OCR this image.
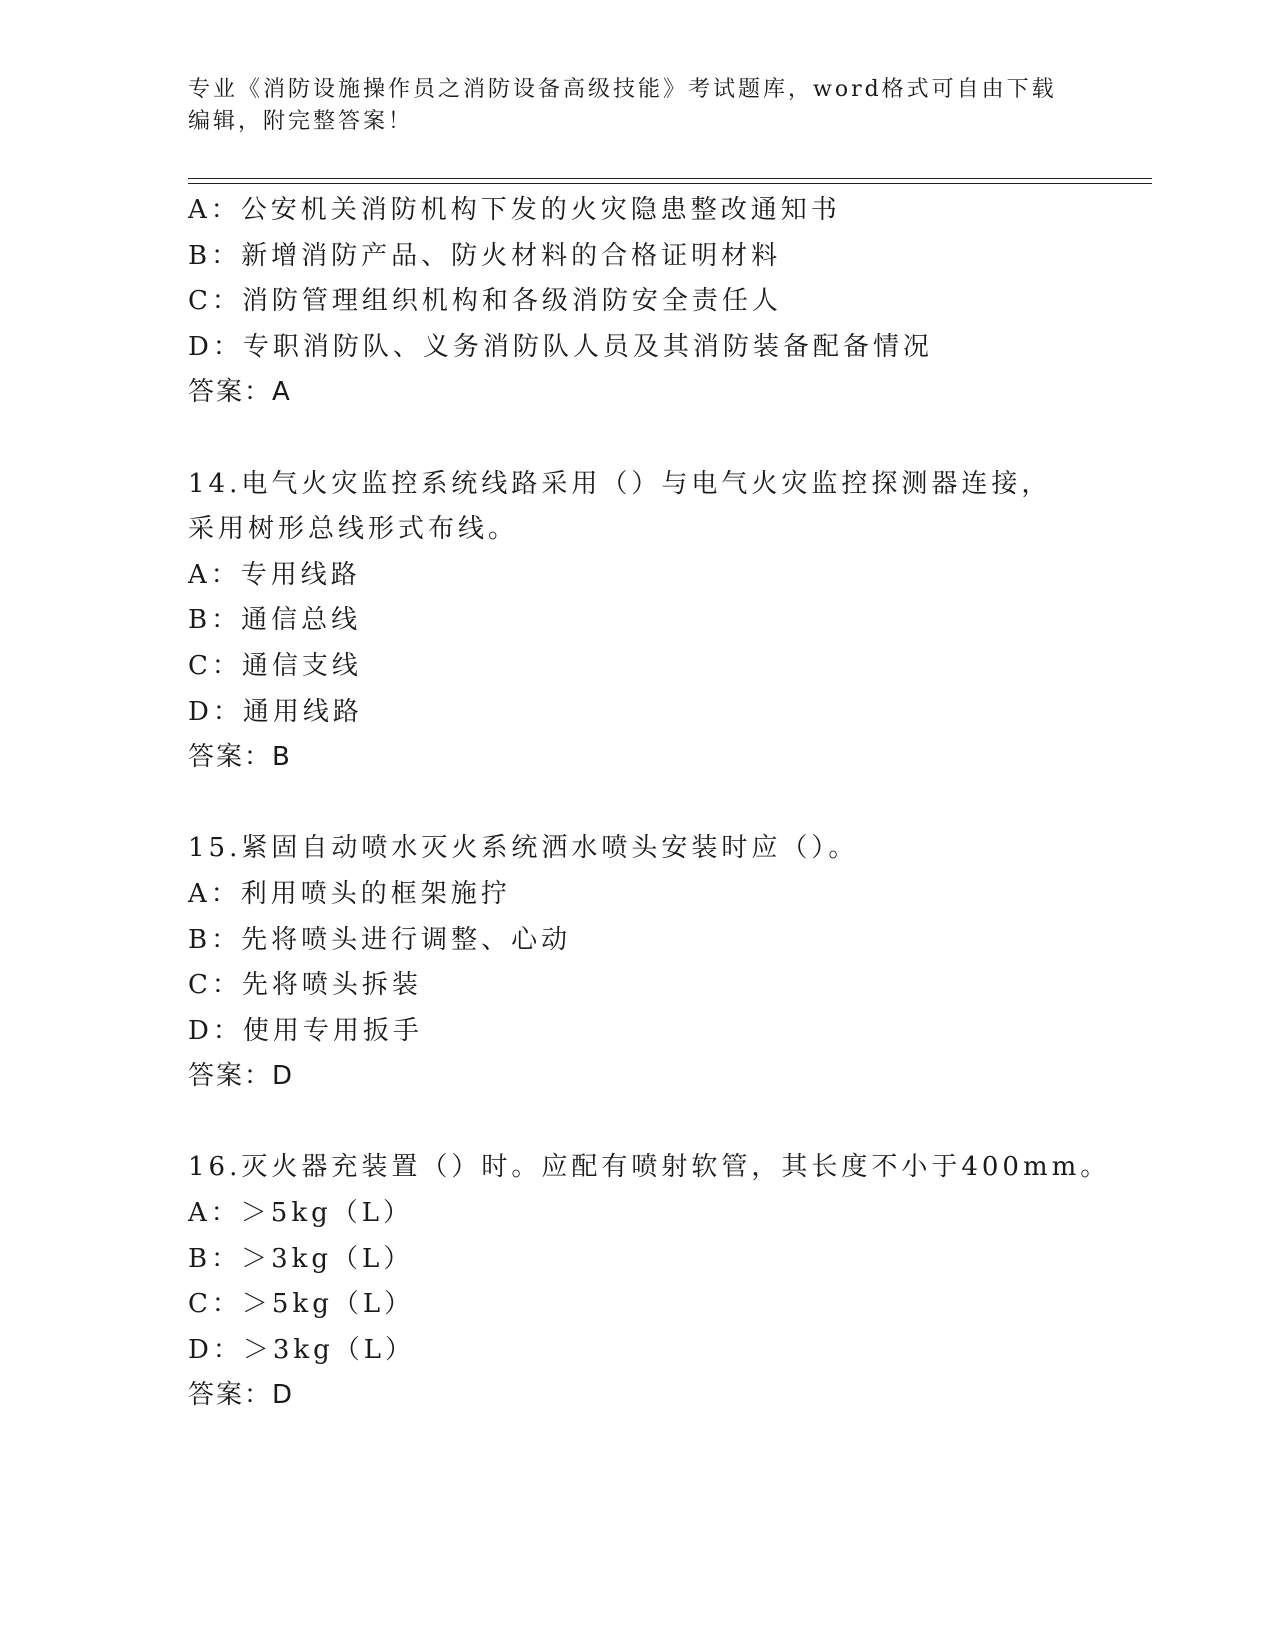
专业《消防设施操作员之消防设备高级技能》考试题库，word格式可自由下载编辑，附完整答案！
A：公安机关消防机构下发的火灾隐患整改通知书
B：新增消防产品、防火材料的合格证明材料
C：消防管理组织机构和各级消防安全责任人
D：专职消防队、义务消防队人员及其消防装备配备情况
答案：A
14.电气火灾监控系统线路采用（）与电气火灾监控探测器连接，采用树形总线形式布线。
A：专用线路
B：通信总线
C：通信支线
D：通用线路
答案：B
15.紧固自动喷水灭火系统洒水喷头安装时应（）。
A：利用喷头的框架施拧
B：先将喷头进行调整、心动
C：先将喷头拆装
D：使用专用扳手
答案：D
16.灭火器充装置（）时。应配有喷射软管，其长度不小于400mm。
A：＞5kg（L）
B：＞3kg（L）
C：＞5kg（L）
D：＞3kg（L）
答案：D
